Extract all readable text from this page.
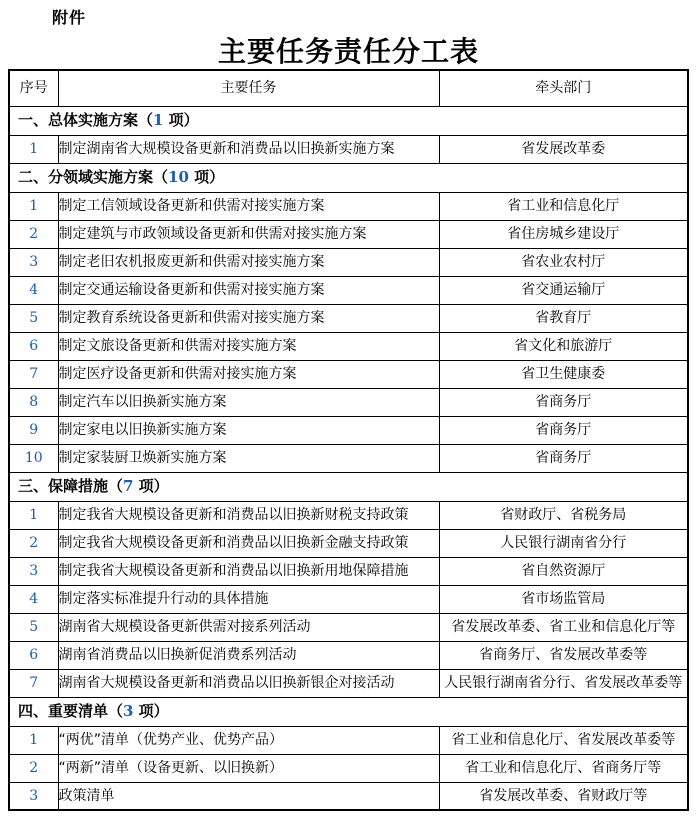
附件
主要任务责任分工表
序号	主要任务	牵头部门
一、总体实施方案（1 项）		
1	制定湖南省大规模设备更新和消费品以旧换新实施方案	省发展改革委
二、分领域实施方案（10 项）		
1	制定工信领域设备更新和供需对接实施方案	省工业和信息化厅
2	制定建筑与市政领域设备更新和供需对接实施方案	省住房城乡建设厅
3	制定老旧农机报废更新和供需对接实施方案	省农业农村厅
4	制定交通运输设备更新和供需对接实施方案	省交通运输厅
5	制定教育系统设备更新和供需对接实施方案	省教育厅
6	制定文旅设备更新和供需对接实施方案	省文化和旅游厅
7	制定医疗设备更新和供需对接实施方案	省卫生健康委
8	制定汽车以旧换新实施方案	省商务厅
9	制定家电以旧换新实施方案	省商务厅
10	制定家装厨卫焕新实施方案	省商务厅
三、保障措施（7 项）		
1	制定我省大规模设备更新和消费品以旧换新财税支持政策	省财政厅、省税务局
2	制定我省大规模设备更新和消费品以旧换新金融支持政策	人民银行湖南省分行
3	制定我省大规模设备更新和消费品以旧换新用地保障措施	省自然资源厅
4	制定落实标准提升行动的具体措施	省市场监管局
5	湖南省大规模设备更新供需对接系列活动	省发展改革委、省工业和信息化厅等
6	湖南省消费品以旧换新促消费系列活动	省商务厅、省发展改革委等
7	湖南省大规模设备更新和消费品以旧换新银企对接活动	人民银行湖南省分行、省发展改革委等
四、重要清单（3 项）		
1	“两优”清单（优势产业、优势产品）	省工业和信息化厅、省发展改革委等
2	“两新”清单（设备更新、以旧换新）	省工业和信息化厅、省商务厅等
3	政策清单	省发展改革委、省财政厅等
